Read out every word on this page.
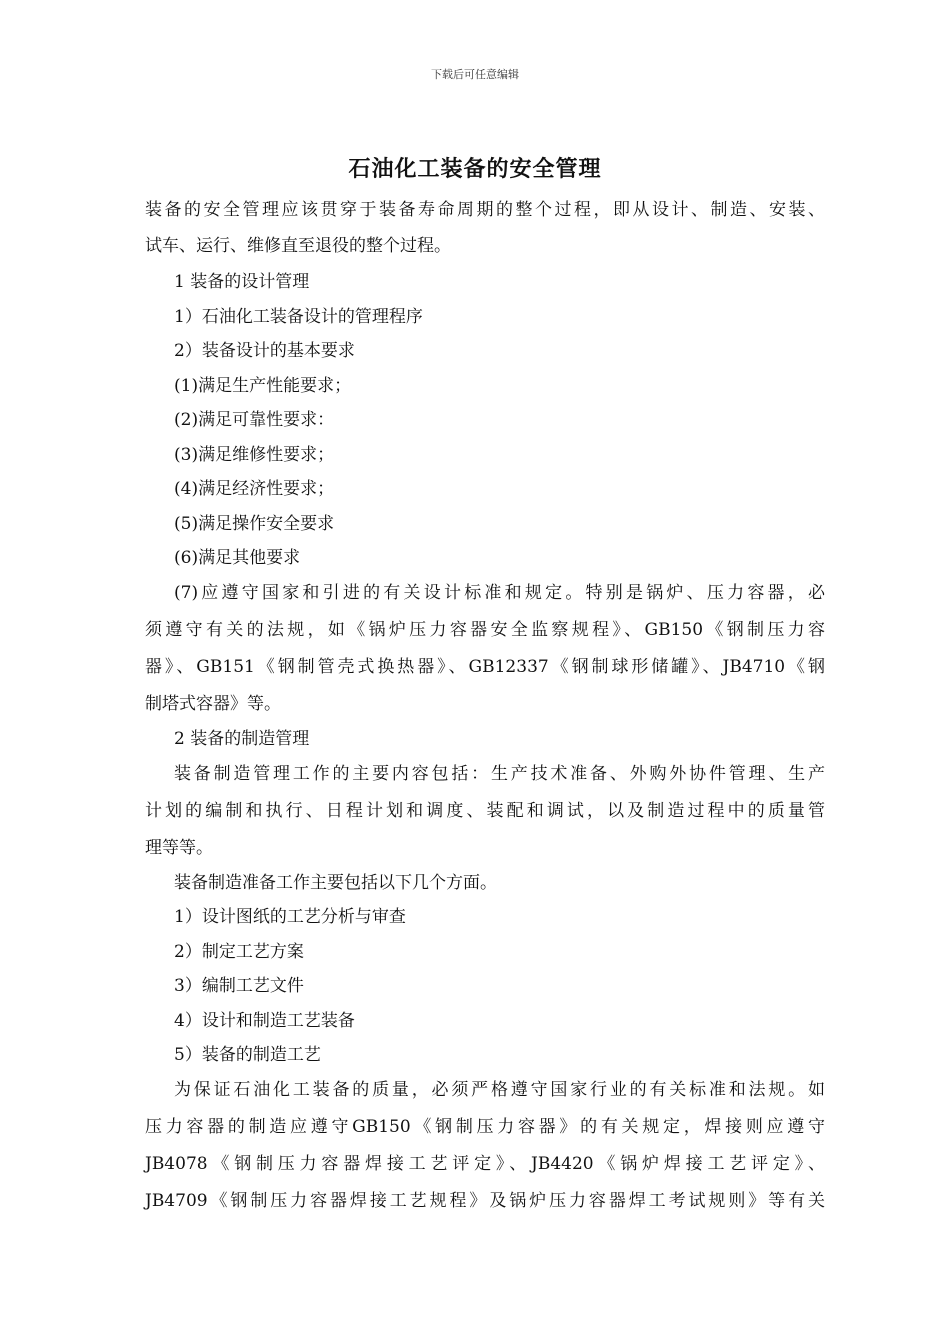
下载后可任意编辑
石油化工装备的安全管理
装备的安全管理应该贯穿于装备寿命周期的整个过程，即从设计、制造、安装、
试车、运行、维修直至退役的整个过程。
1 装备的设计管理
1）石油化工装备设计的管理程序
2）装备设计的基本要求
(1)满足生产性能要求；
(2)满足可靠性要求：
(3)满足维修性要求；
(4)满足经济性要求；
(5)满足操作安全要求
(6)满足其他要求
(7)应遵守国家和引进的有关设计标准和规定。特别是锅炉、压力容器，必
须遵守有关的法规，如《锅炉压力容器安全监察规程》、GB150《钢制压力容
器》、GB151《钢制管壳式换热器》、GB12337《钢制球形储罐》、JB4710《钢
制塔式容器》等。
2 装备的制造管理
装备制造管理工作的主要内容包括：生产技术准备、外购外协件管理、生产
计划的编制和执行、日程计划和调度、装配和调试，以及制造过程中的质量管
理等等。
装备制造准备工作主要包括以下几个方面。
1）设计图纸的工艺分析与审查
2）制定工艺方案
3）编制工艺文件
4）设计和制造工艺装备
5）装备的制造工艺
为保证石油化工装备的质量，必须严格遵守国家行业的有关标准和法规。如
压力容器的制造应遵守GB150《钢制压力容器》的有关规定，焊接则应遵守
JB4078《钢制压力容器焊接工艺评定》、JB4420《锅炉焊接工艺评定》、
JB4709《钢制压力容器焊接工艺规程》及锅炉压力容器焊工考试规则》等有关
